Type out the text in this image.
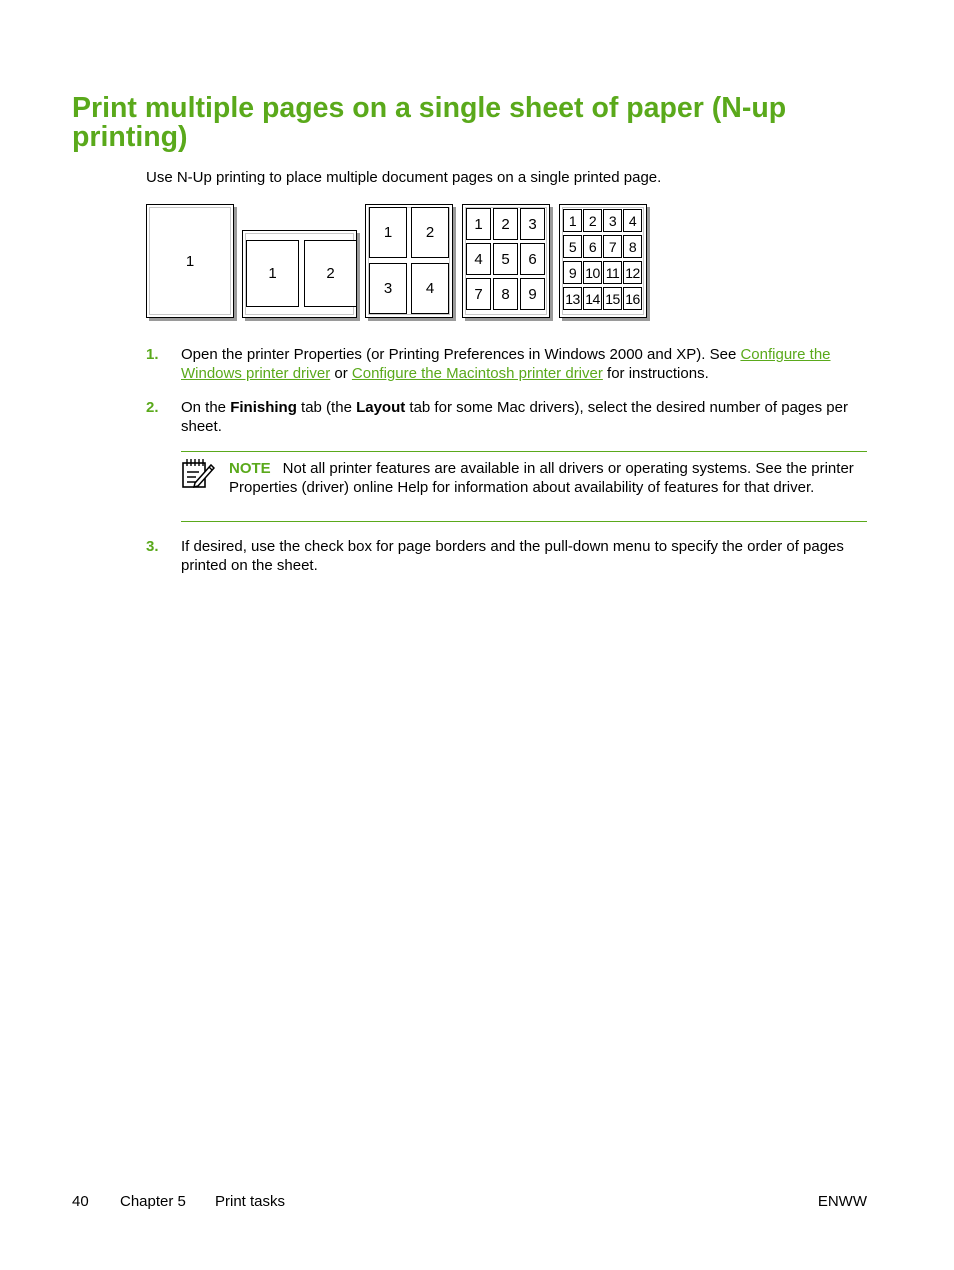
Print multiple pages on a single sheet of paper (N-up printing)

Use N-Up printing to place multiple document pages on a single printed page.

1
1	2
1	2
3	4
1	2	3
4	5	6
7	8	9
1 2 3 4
5 6 7 8
9 10 11 12
13 14 15 16
1. Open the printer Properties (or Printing Preferences in Windows 2000 and XP). See Configure the Windows printer driver or Configure the Macintosh printer driver for instructions.
2. On the Finishing tab (the Layout tab for some Mac drivers), select the desired number of pages per sheet.
NOTE Not all printer features are available in all drivers or operating systems. See the printer Properties (driver) online Help for information about availability of features for that driver.
3. If desired, use the check box for page borders and the pull-down menu to specify the order of pages printed on the sheet.
40 Chapter 5 Print tasks	ENWW
